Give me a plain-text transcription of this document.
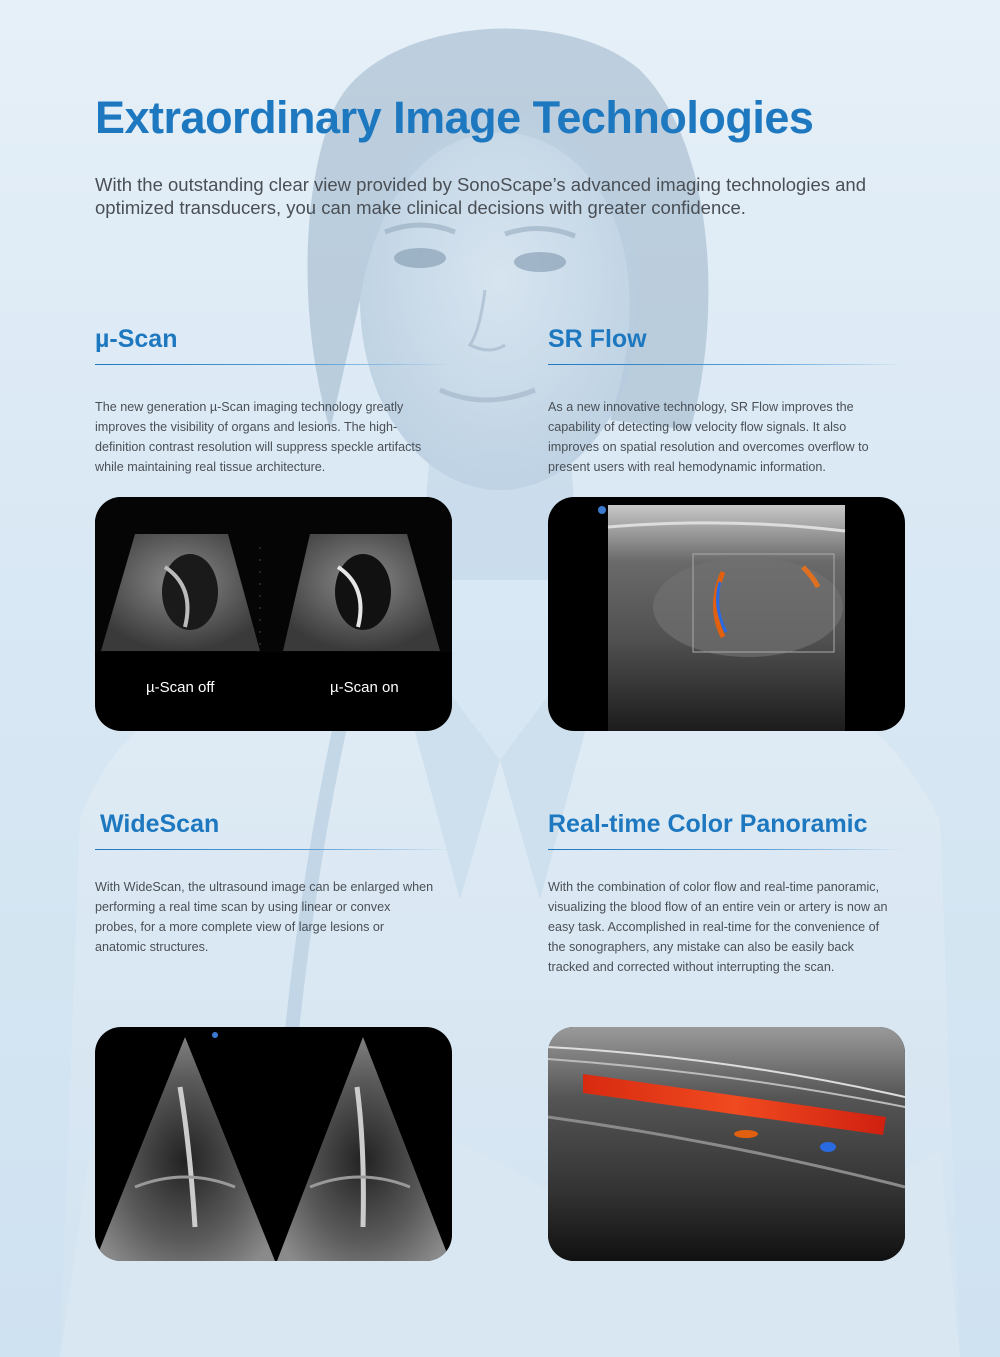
Extraordinary Image Technologies

With the outstanding clear view provided by SonoScape’s advanced imaging technologies and optimized transducers, you can make clinical decisions with greater confidence.

µ-Scan

The new generation µ-Scan imaging technology greatly improves the visibility of organs and lesions. The high-definition contrast resolution will suppress speckle artifacts while maintaining real tissue architecture.

µ-Scan off	µ-Scan on
SR Flow

As a new innovative technology, SR Flow improves the capability of detecting low velocity flow signals. It also improves on spatial resolution and overcomes overflow to present users with real hemodynamic information.

WideScan

With WideScan, the ultrasound image can be enlarged when performing a real time scan by using linear or convex probes, for a more complete view of large lesions or anatomic structures.

Real-time Color Panoramic

With the combination of color flow and real-time panoramic, visualizing the blood flow of an entire vein or artery is now an easy task. Accomplished in real-time for the convenience of the sonographers, any mistake can also be easily back tracked and corrected without interrupting the scan.
